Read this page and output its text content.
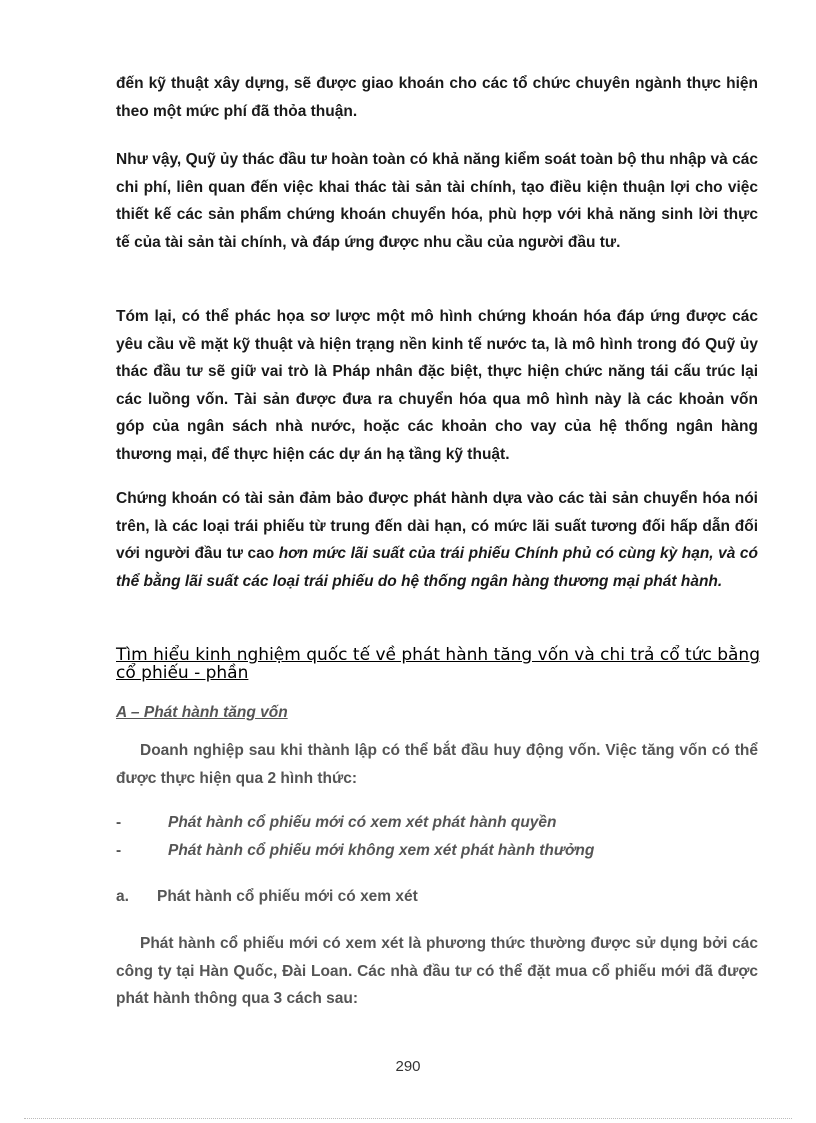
đến kỹ thuật xây dựng, sẽ được giao khoán cho các tổ chức chuyên ngành thực hiện theo một mức phí đã thỏa thuận.

Như vậy, Quỹ ủy thác đầu tư hoàn toàn có khả năng kiểm soát toàn bộ thu nhập và các chi phí, liên quan đến việc khai thác tài sản tài chính, tạo điều kiện thuận lợi cho việc thiết kế các sản phẩm chứng khoán chuyển hóa, phù hợp với khả năng sinh lời thực tế của tài sản tài chính, và đáp ứng được nhu cầu của người đầu tư.

Tóm lại, có thể phác họa sơ lược một mô hình chứng khoán hóa đáp ứng được các yêu cầu về mặt kỹ thuật và hiện trạng nền kinh tế nước ta, là mô hình trong đó Quỹ ủy thác đầu tư sẽ giữ vai trò là Pháp nhân đặc biệt, thực hiện chức năng tái cấu trúc lại các luồng vốn. Tài sản được đưa ra chuyển hóa qua mô hình này là các khoản vốn góp của ngân sách nhà nước, hoặc các khoản cho vay của hệ thống ngân hàng thương mại, để thực hiện các dự án hạ tầng kỹ thuật.

Chứng khoán có tài sản đảm bảo được phát hành dựa vào các tài sản chuyển hóa nói trên, là các loại trái phiếu từ trung đến dài hạn, có mức lãi suất tương đối hấp dẫn đối với người đầu tư cao hơn mức lãi suất của trái phiếu Chính phủ có cùng kỳ hạn, và có thể bằng lãi suất các loại trái phiếu do hệ thống ngân hàng thương mại phát hành.

Tìm hiểu kinh nghiệm quốc tế về phát hành tăng vốn và chi trả cổ tức bằng cổ phiếu - phần
A – Phát hành tăng vốn

Doanh nghiệp sau khi thành lập có thể bắt đầu huy động vốn. Việc tăng vốn có thể được thực hiện qua 2 hình thức:

-	Phát hành cổ phiếu mới có xem xét phát hành quyền
-	Phát hành cổ phiếu mới không xem xét phát hành thưởng
a. Phát hành cổ phiếu mới có xem xét

Phát hành cổ phiếu mới có xem xét là phương thức thường được sử dụng bởi các công ty tại Hàn Quốc, Đài Loan. Các nhà đầu tư có thể đặt mua cổ phiếu mới đã được phát hành thông qua 3 cách sau:

290
